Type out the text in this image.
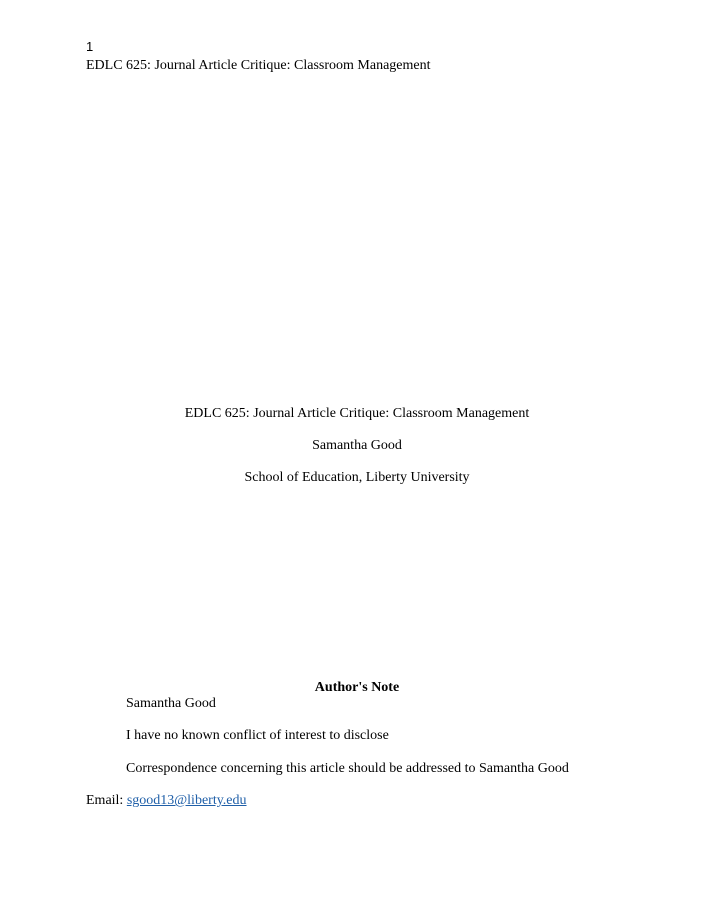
1
EDLC 625: Journal Article Critique: Classroom Management
EDLC 625: Journal Article Critique: Classroom Management
Samantha Good
School of Education, Liberty University
Author's Note
Samantha Good
I have no known conflict of interest to disclose
Correspondence concerning this article should be addressed to Samantha Good
Email: sgood13@liberty.edu
